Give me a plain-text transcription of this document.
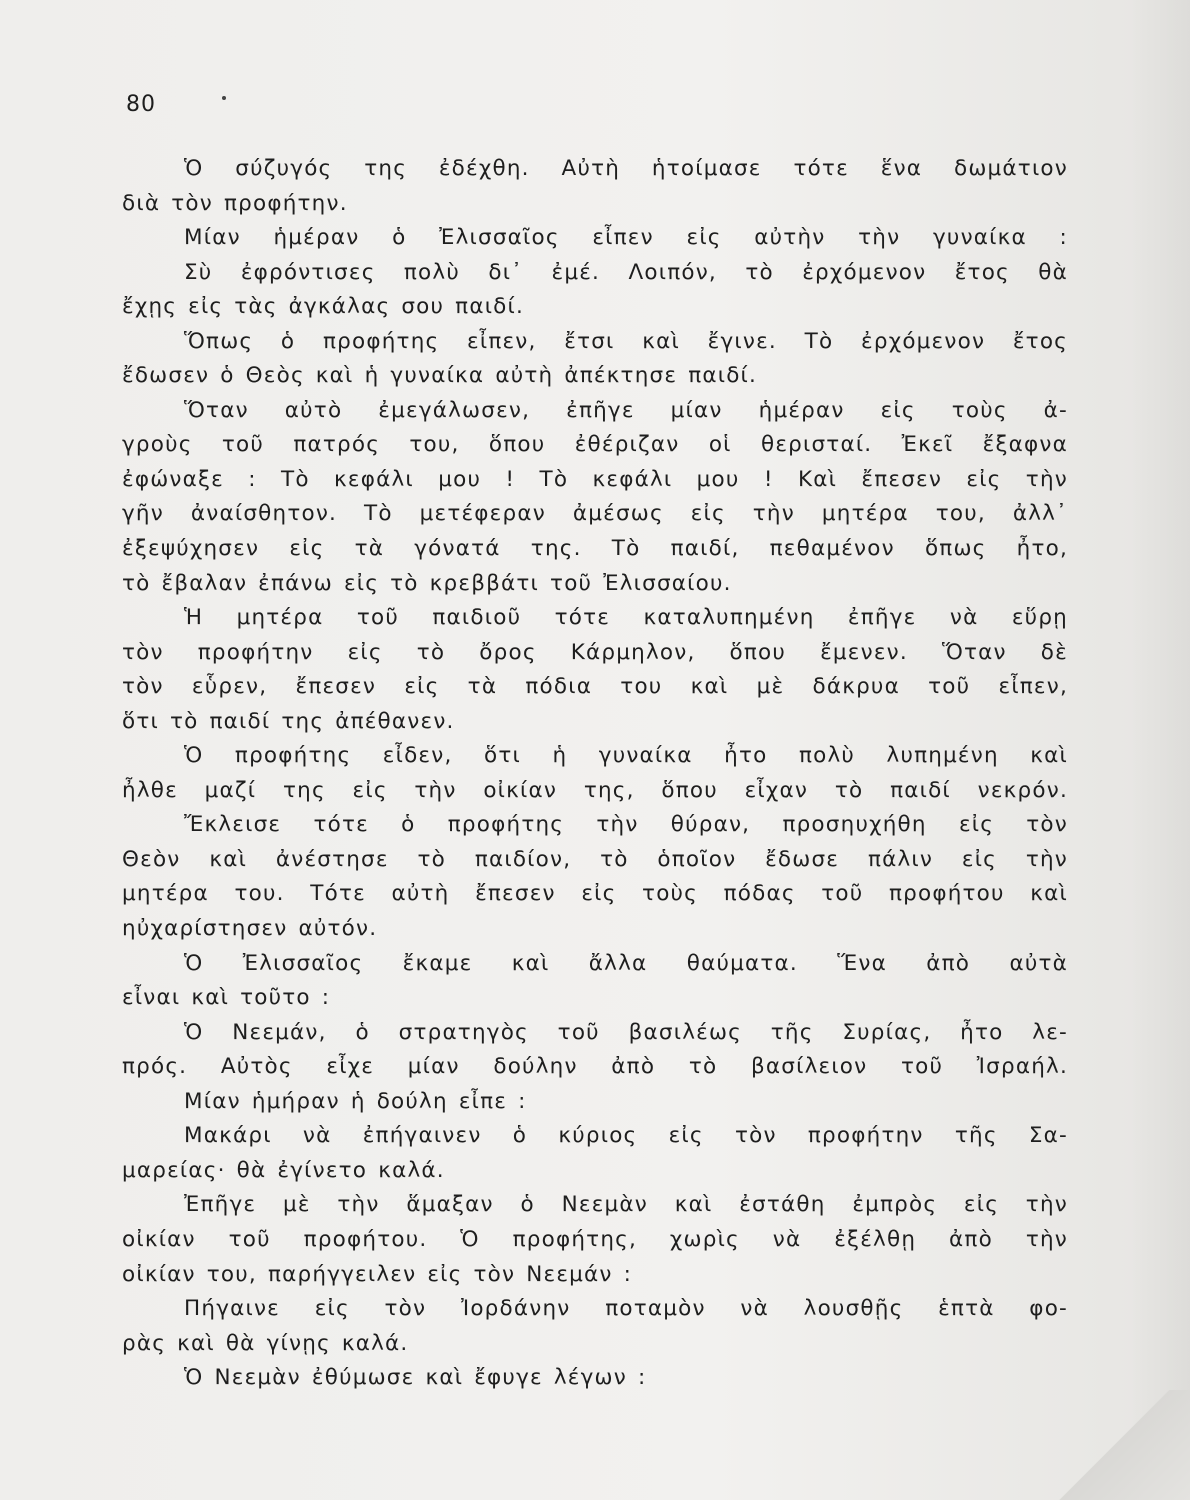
80
Ὁ σύζυγός της ἐδέχθη. Αὐτὴ ἡτοίμασε τότε ἕνα δωμάτιον
διὰ τὸν προφήτην.
Μίαν ἡμέραν ὁ Ἐλισσαῖος εἶπεν εἰς αὐτὴν τὴν γυναίκα :
Σὺ ἐφρόντισες πολὺ δι᾿ ἐμέ. Λοιπόν, τὸ ἐρχόμενον ἔτος θὰ
ἔχῃς εἰς τὰς ἀγκάλας σου παιδί.
Ὅπως ὁ προφήτης εἶπεν, ἔτσι καὶ ἔγινε. Τὸ ἐρχόμενον ἔτος
ἔδωσεν ὁ Θεὸς καὶ ἡ γυναίκα αὐτὴ ἀπέκτησε παιδί.
Ὅταν αὐτὸ ἐμεγάλωσεν, ἐπῆγε μίαν ἡμέραν εἰς τοὺς ἀ-
γροὺς τοῦ πατρός του, ὅπου ἐθέριζαν οἱ θερισταί. Ἐκεῖ ἔξαφνα
ἐφώναξε : Τὸ κεφάλι μου ! Τὸ κεφάλι μου ! Καὶ ἔπεσεν εἰς τὴν
γῆν ἀναίσθητον. Τὸ μετέφεραν ἀμέσως εἰς τὴν μητέρα του, ἀλλ᾿
ἐξεψύχησεν εἰς τὰ γόνατά της. Τὸ παιδί, πεθαμένον ὅπως ἦτο,
τὸ ἔβαλαν ἐπάνω εἰς τὸ κρεββάτι τοῦ Ἐλισσαίου.
Ἡ μητέρα τοῦ παιδιοῦ τότε καταλυπημένη ἐπῆγε νὰ εὕρῃ
τὸν προφήτην εἰς τὸ ὄρος Κάρμηλον, ὅπου ἔμενεν. Ὅταν δὲ
τὸν εὗρεν, ἔπεσεν εἰς τὰ πόδια του καὶ μὲ δάκρυα τοῦ εἶπεν,
ὅτι τὸ παιδί της ἀπέθανεν.
Ὁ προφήτης εἶδεν, ὅτι ἡ γυναίκα ἦτο πολὺ λυπημένη καὶ
ἦλθε μαζί της εἰς τὴν οἰκίαν της, ὅπου εἶχαν τὸ παιδί νεκρόν.
Ἔκλεισε τότε ὁ προφήτης τὴν θύραν, προσηυχήθη εἰς τὸν
Θεὸν καὶ ἀνέστησε τὸ παιδίον, τὸ ὁποῖον ἔδωσε πάλιν εἰς τὴν
μητέρα του. Τότε αὐτὴ ἔπεσεν εἰς τοὺς πόδας τοῦ προφήτου καὶ
ηὐχαρίστησεν αὐτόν.
Ὁ Ἐλισσαῖος ἔκαμε καὶ ἄλλα θαύματα. Ἕνα ἀπὸ αὐτὰ
εἶναι καὶ τοῦτο :
Ὁ Νεεμάν, ὁ στρατηγὸς τοῦ βασιλέως τῆς Συρίας, ἦτο λε-
πρός. Αὐτὸς εἶχε μίαν δούλην ἀπὸ τὸ βασίλειον τοῦ Ἰσραήλ.
Μίαν ἡμήραν ἡ δούλη εἶπε :
Μακάρι νὰ ἐπήγαινεν ὁ κύριος εἰς τὸν προφήτην τῆς Σα-
μαρείας· θὰ ἐγίνετο καλά.
Ἐπῆγε μὲ τὴν ἅμαξαν ὁ Νεεμὰν καὶ ἐστάθη ἐμπρὸς εἰς τὴν
οἰκίαν τοῦ προφήτου. Ὁ προφήτης, χωρὶς νὰ ἐξέλθῃ ἀπὸ τὴν
οἰκίαν του, παρήγγειλεν εἰς τὸν Νεεμάν :
Πήγαινε εἰς τὸν Ἰορδάνην ποταμὸν νὰ λουσθῇς ἑπτὰ φο-
ρὰς καὶ θὰ γίνῃς καλά.
Ὁ Νεεμὰν ἐθύμωσε καὶ ἔφυγε λέγων :
